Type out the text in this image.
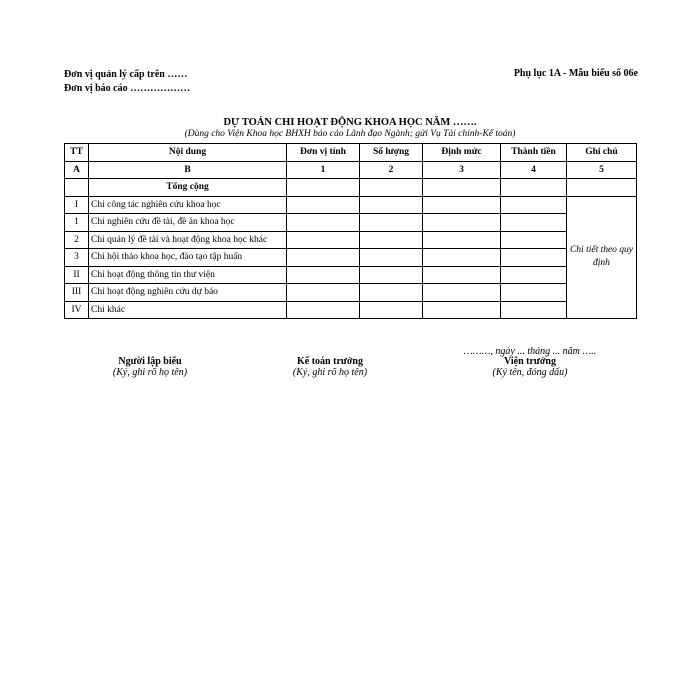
Đơn vị quản lý cấp trên ……
Đơn vị báo cáo ………………
Phụ lục 1A - Mẫu biểu số 06e
DỰ TOÁN CHI HOẠT ĐỘNG KHOA HỌC NĂM …….
(Dùng cho Viện Khoa học BHXH báo cáo Lãnh đạo Ngành; gửi Vụ Tài chính-Kế toán)
TT	Nội dung	Đơn vị tính	Số lượng	Định mức	Thành tiền	Ghi chú
A	B	1	2	3	4	5
	Tổng cộng					
I	Chi công tác nghiên cứu khoa học					Chi tiết theo quy định
1	Chi nghiên cứu đề tài, đề án khoa học					
2	Chi quản lý đề tài và hoạt động khoa học khác					
3	Chi hội thảo khoa học, đào tạo tập huấn					
II	Chi hoạt động thông tin thư viện					
III	Chi hoạt động nghiên cứu dự báo					
IV	Chi khác					
………, ngày ... tháng ... năm …..
Người lập biểu
(Ký, ghi rõ họ tên)
Kế toán trưởng
(Ký, ghi rõ họ tên)
Viện trưởng
(Ký tên, đóng dấu)
